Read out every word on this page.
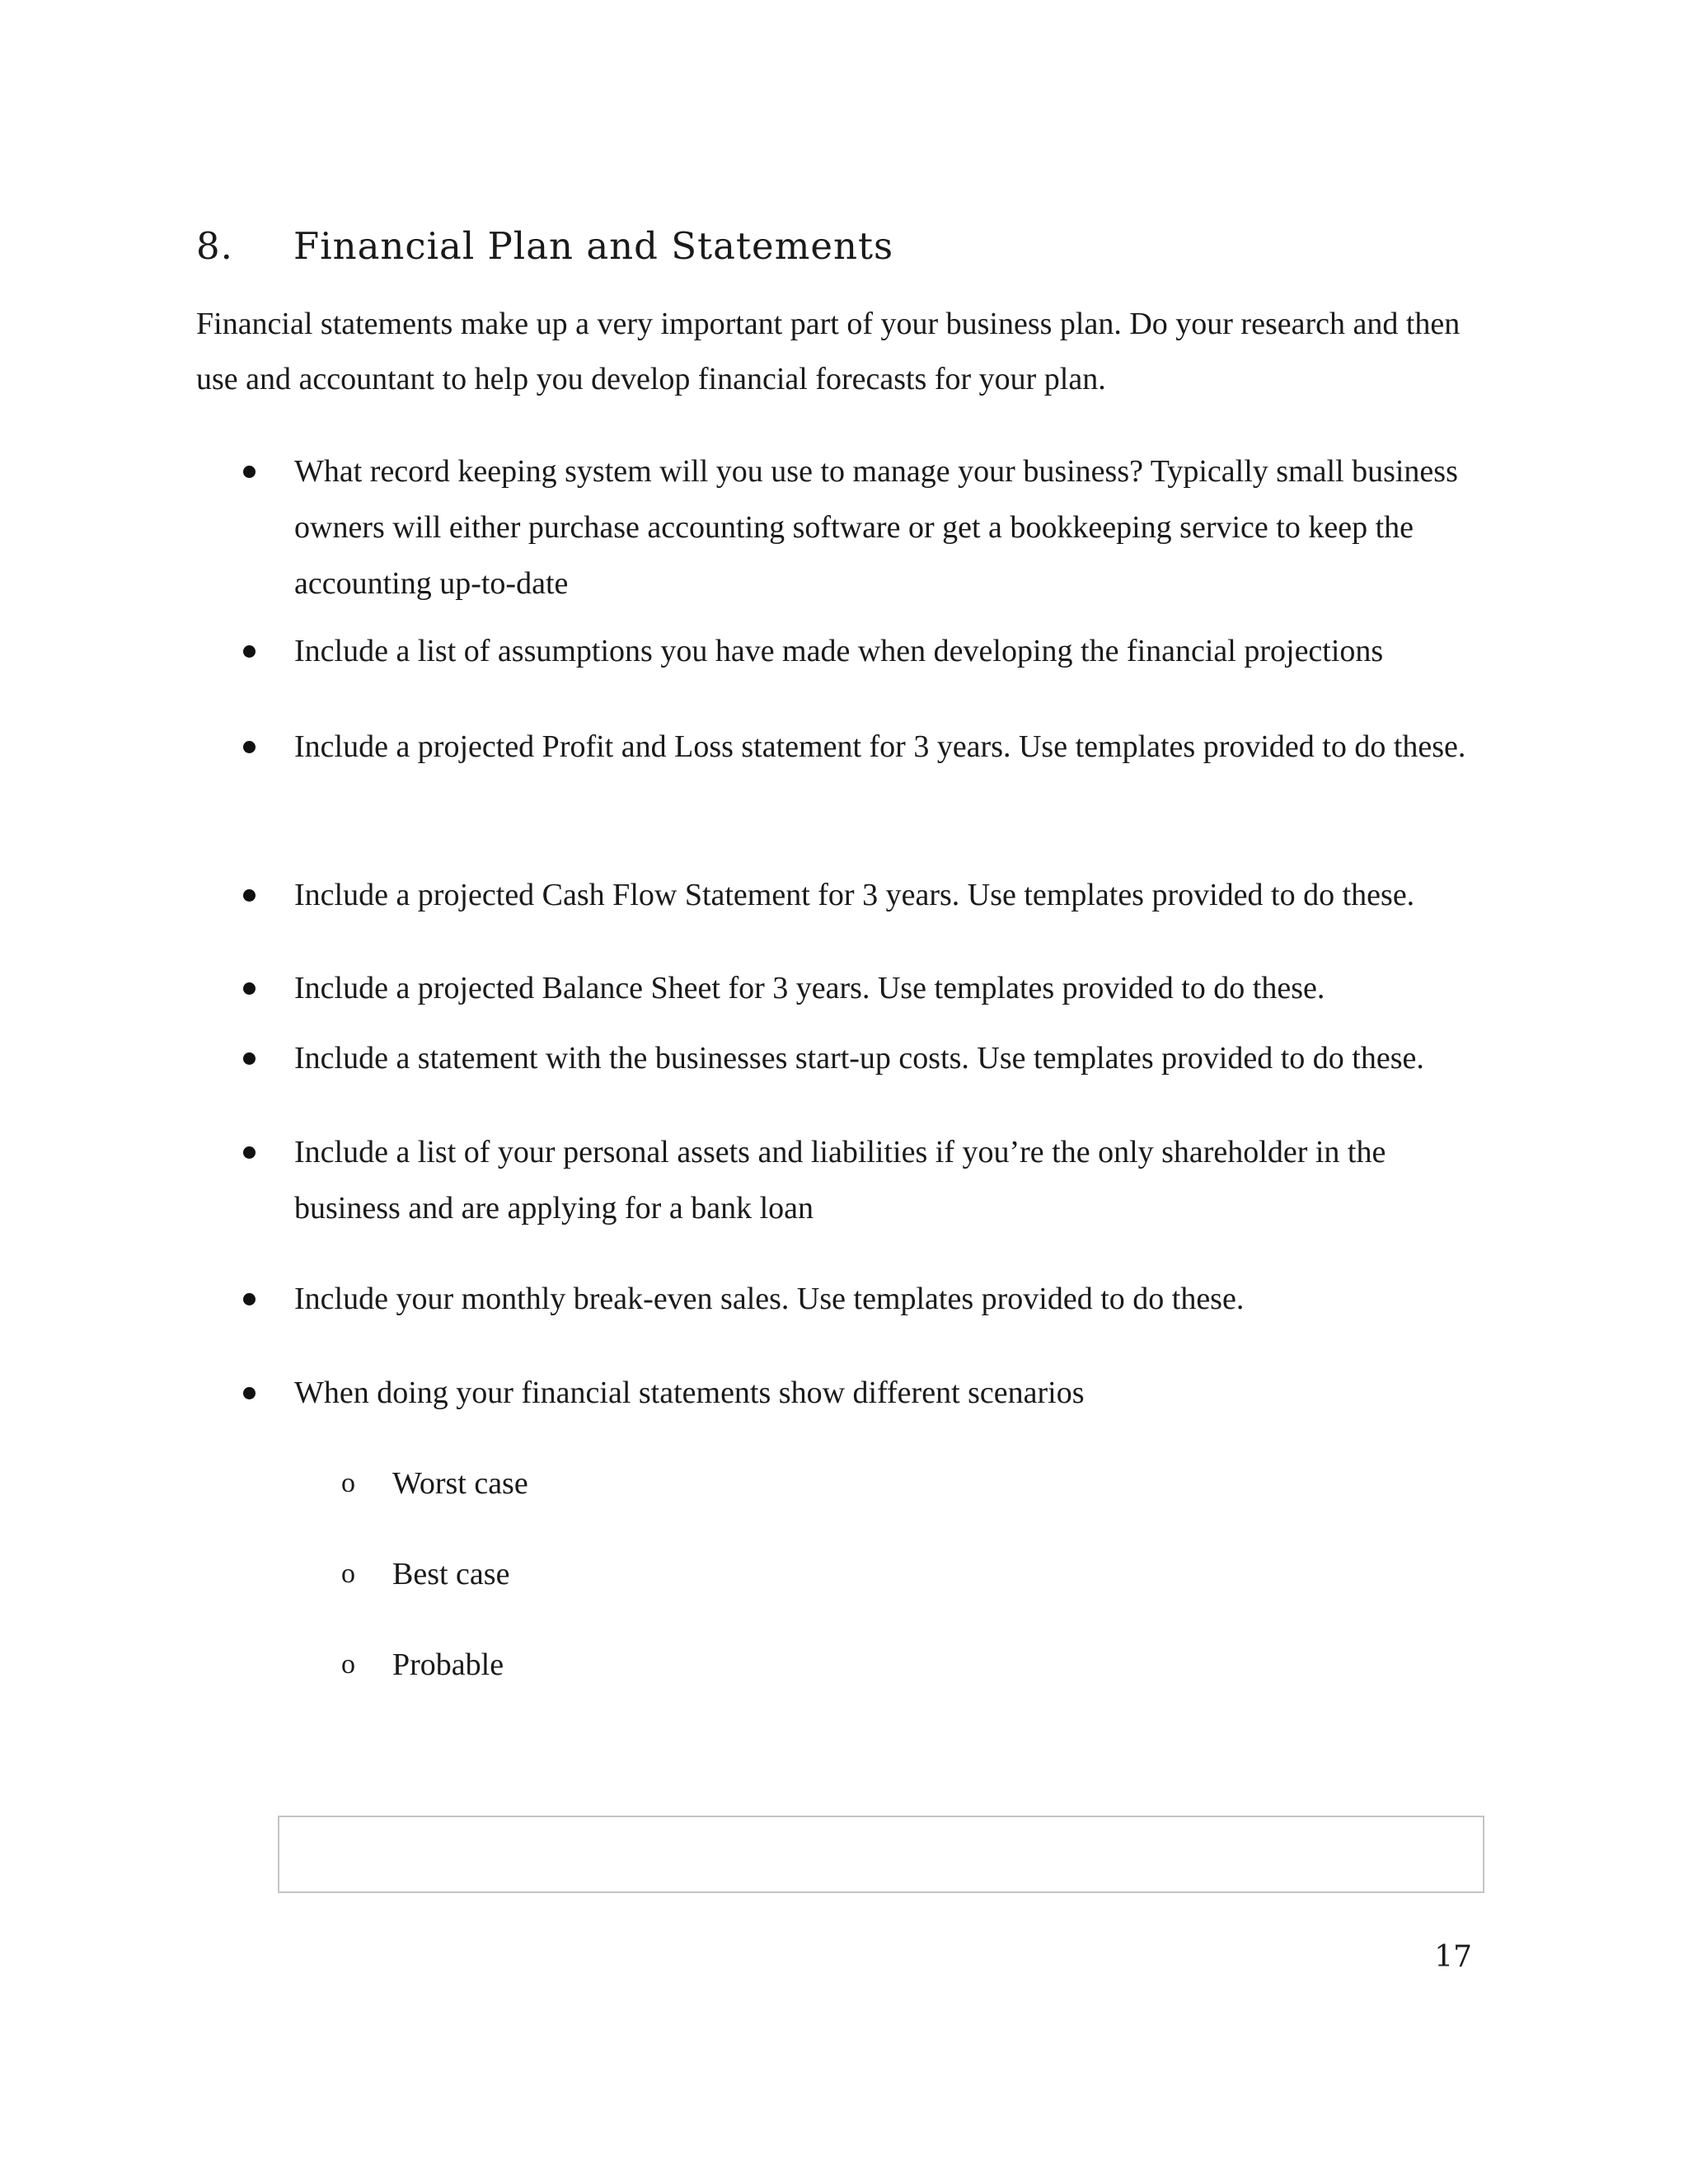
8. Financial Plan and Statements

Financial statements make up a very important part of your business plan. Do your research and then use and accountant to help you develop financial forecasts for your plan.

What record keeping system will you use to manage your business? Typically small business owners will either purchase accounting software or get a bookkeeping service to keep the accounting up-to-date

Include a list of assumptions you have made when developing the financial projections

Include a projected Profit and Loss statement for 3 years. Use templates provided to do these.

Include a projected Cash Flow Statement for 3 years. Use templates provided to do these.

Include a projected Balance Sheet for 3 years. Use templates provided to do these.

Include a statement with the businesses start-up costs. Use templates provided to do these.

Include a list of your personal assets and liabilities if you’re the only shareholder in the business and are applying for a bank loan

Include your monthly break-even sales. Use templates provided to do these.

When doing your financial statements show different scenarios

o Worst case

o Best case

o Probable

17
